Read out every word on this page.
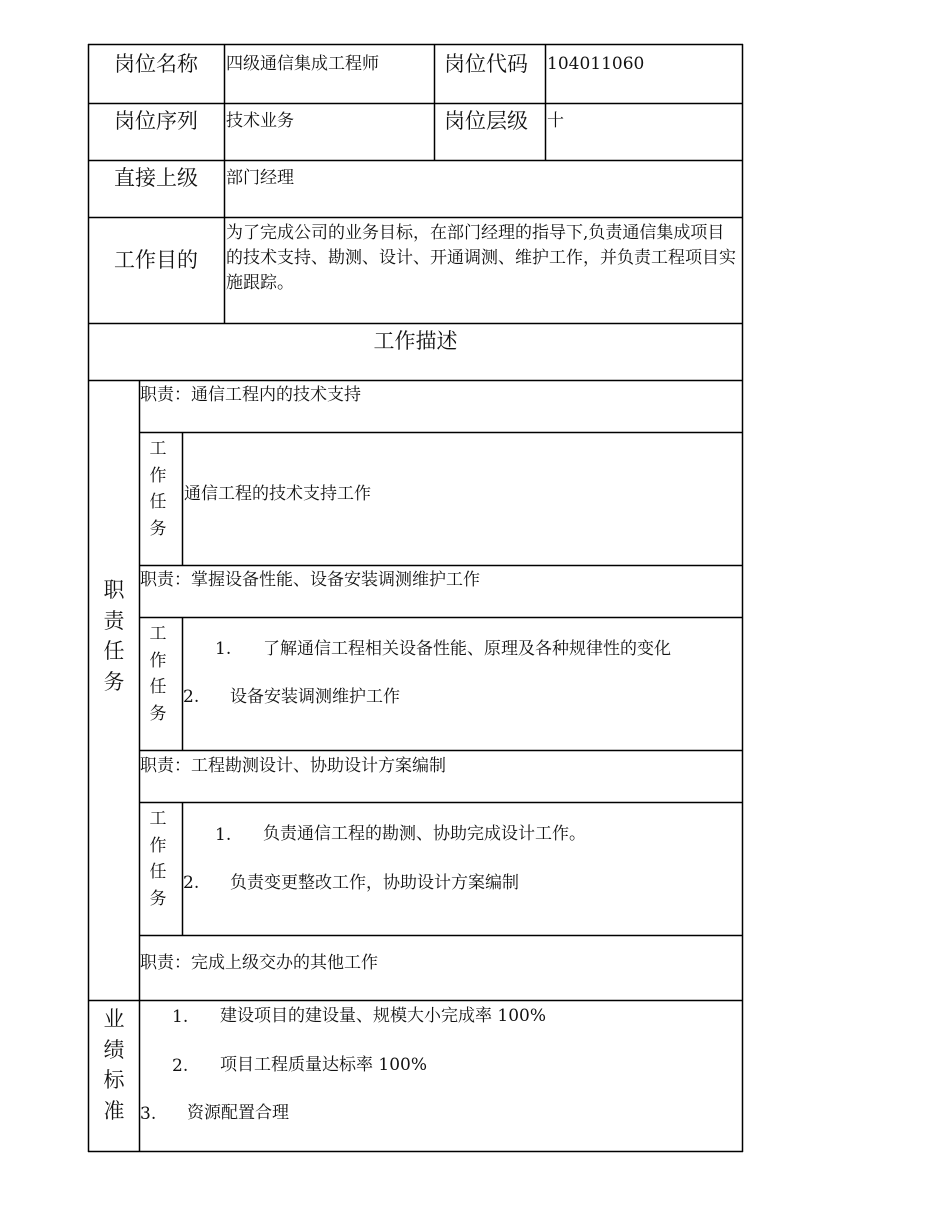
岗位名称 四级通信集成工程师	岗位代码 104011060
岗位序列 技术业务	岗位层级 十
直接上级 部门经理
工作目的
为了完成公司的业务目标，在部门经理的指导下,负责通信集成项目的技术支持、勘测、设计、开通调测、维护工作，并负责工程项目实施跟踪。
工作描述
职责任务
职责：通信工程内的技术支持
工作任务
通信工程的技术支持工作
职责：掌握设备性能、设备安装调测维护工作
工作任务
1. 了解通信工程相关设备性能、原理及各种规律性的变化
2. 设备安装调测维护工作
职责：工程勘测设计、协助设计方案编制
工作任务
1. 负责通信工程的勘测、协助完成设计工作。
2. 负责变更整改工作，协助设计方案编制
职责：完成上级交办的其他工作
业绩标准
1. 建设项目的建设量、规模大小完成率 100%
2. 项目工程质量达标率 100%
3. 资源配置合理
